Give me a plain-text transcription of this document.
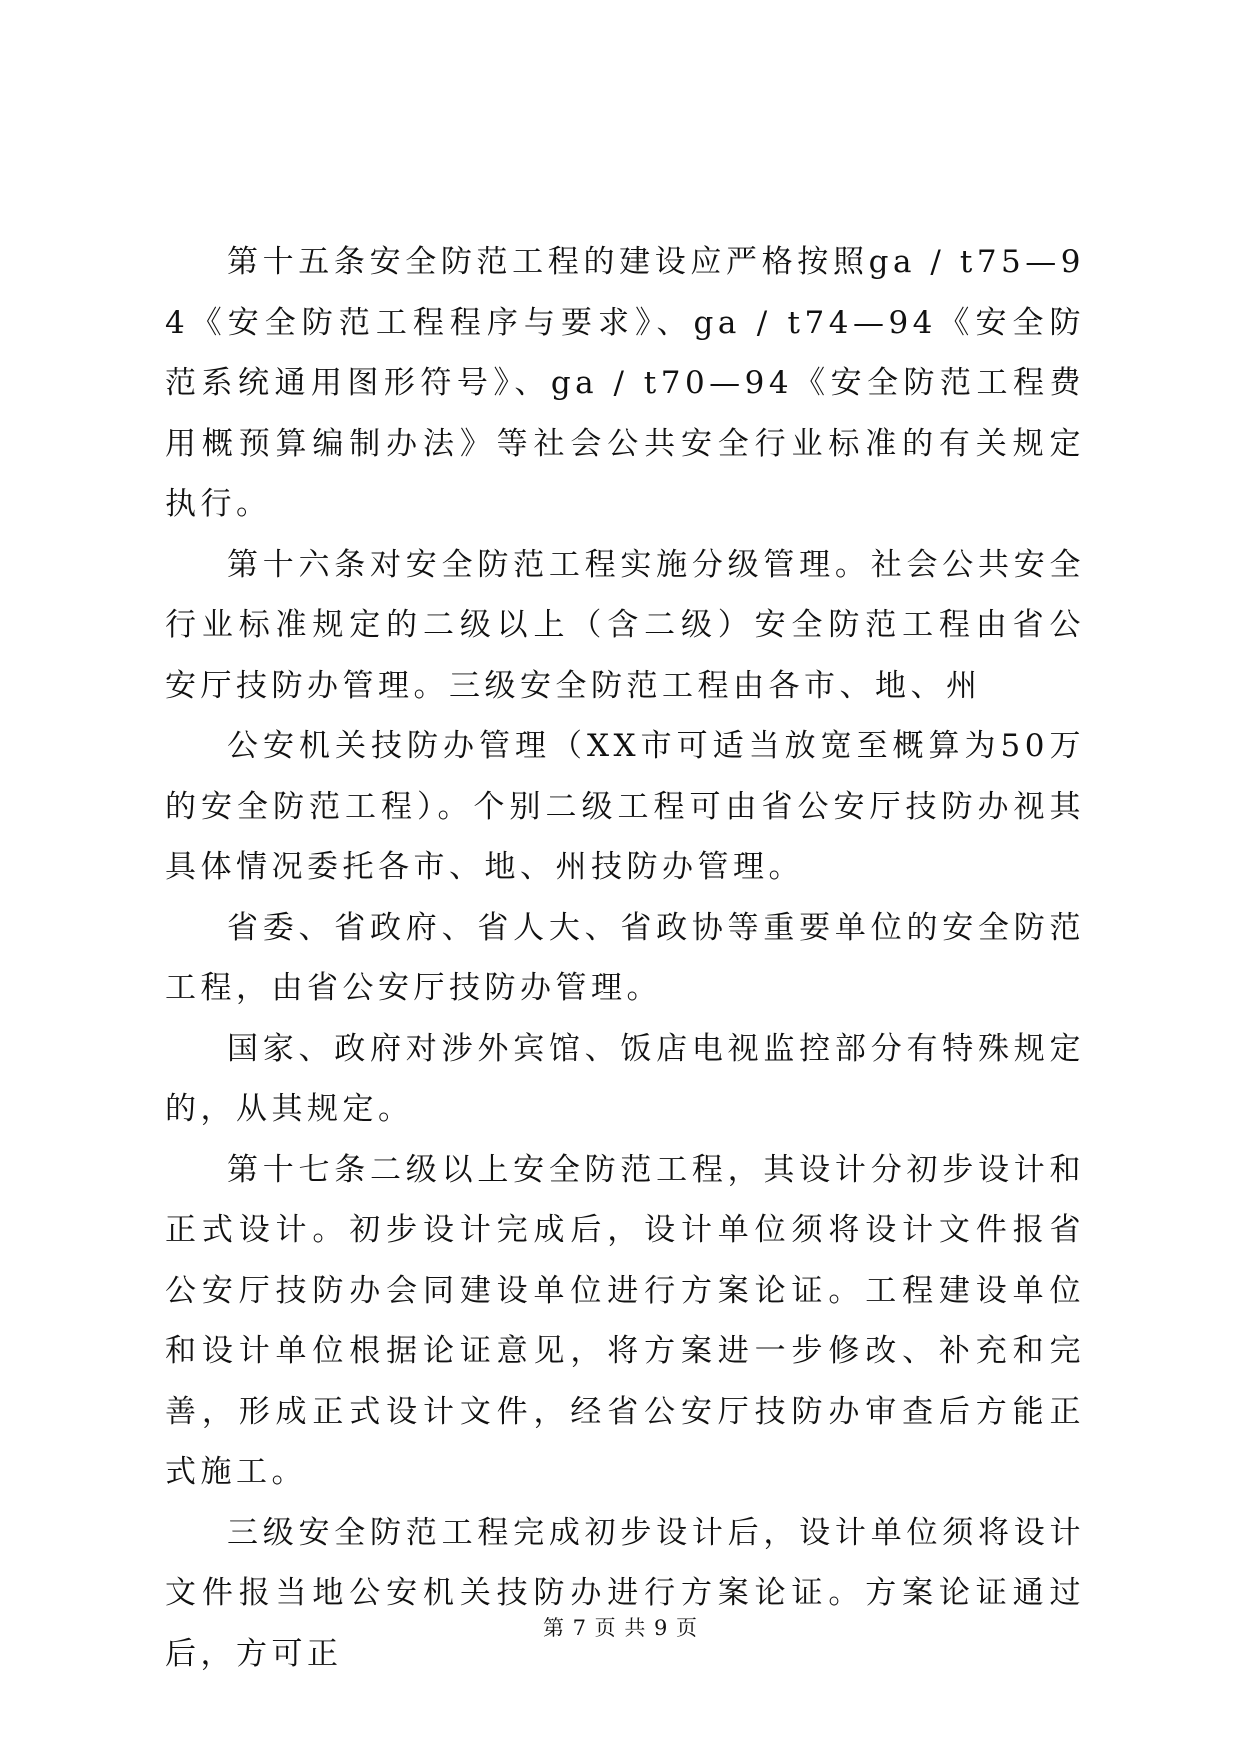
第十五条安全防范工程的建设应严格按照ga / t75—94《安全防范工程程序与要求》、ga / t74—94《安全防范系统通用图形符号》、ga / t70—94《安全防范工程费用概预算编制办法》等社会公共安全行业标准的有关规定执行。

第十六条对安全防范工程实施分级管理。社会公共安全行业标准规定的二级以上（含二级）安全防范工程由省公安厅技防办管理。三级安全防范工程由各市、地、州

公安机关技防办管理（XX市可适当放宽至概算为50万的安全防范工程）。个别二级工程可由省公安厅技防办视其具体情况委托各市、地、州技防办管理。

省委、省政府、省人大、省政协等重要单位的安全防范工程，由省公安厅技防办管理。

国家、政府对涉外宾馆、饭店电视监控部分有特殊规定的，从其规定。

第十七条二级以上安全防范工程，其设计分初步设计和正式设计。初步设计完成后，设计单位须将设计文件报省公安厅技防办会同建设单位进行方案论证。工程建设单位和设计单位根据论证意见，将方案进一步修改、补充和完善，形成正式设计文件，经省公安厅技防办审查后方能正式施工。

三级安全防范工程完成初步设计后，设计单位须将设计文件报当地公安机关技防办进行方案论证。方案论证通过后，方可正

第 7 页 共 9 页
